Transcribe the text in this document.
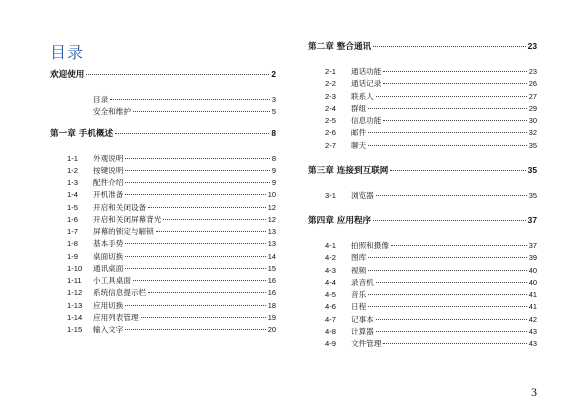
目录
欢迎使用	2
目录	3
安全和维护	5
第一章 手机概述	8
1-1	外观说明	8
1-2	按键说明	9
1-3	配件介绍	9
1-4	开机准备	10
1-5	开启和关闭设备	12
1-6	开启和关闭屏幕背光	12
1-7	屏幕的锁定与解锁	13
1-8	基本手势	13
1-9	桌面切换	14
1-10	通讯桌面	15
1-11	小工具桌面	16
1-12	系统信息提示栏	16
1-13	应用切换	18
1-14	应用列表管理	19
1-15	输入文字	20
第二章 整合通讯	23
2-1	通话功能	23
2-2	通话记录	26
2-3	联系人	27
2-4	群组	29
2-5	信息功能	30
2-6	邮件	32
2-7	聊天	35
第三章 连接到互联网	35
3-1	浏览器	35
第四章 应用程序	37
4-1	拍照和摄像	37
4-2	图库	39
4-3	视频	40
4-4	录音机	40
4-5	音乐	41
4-6	日程	41
4-7	记事本	42
4-8	计算器	43
4-9	文件管理	43
3
